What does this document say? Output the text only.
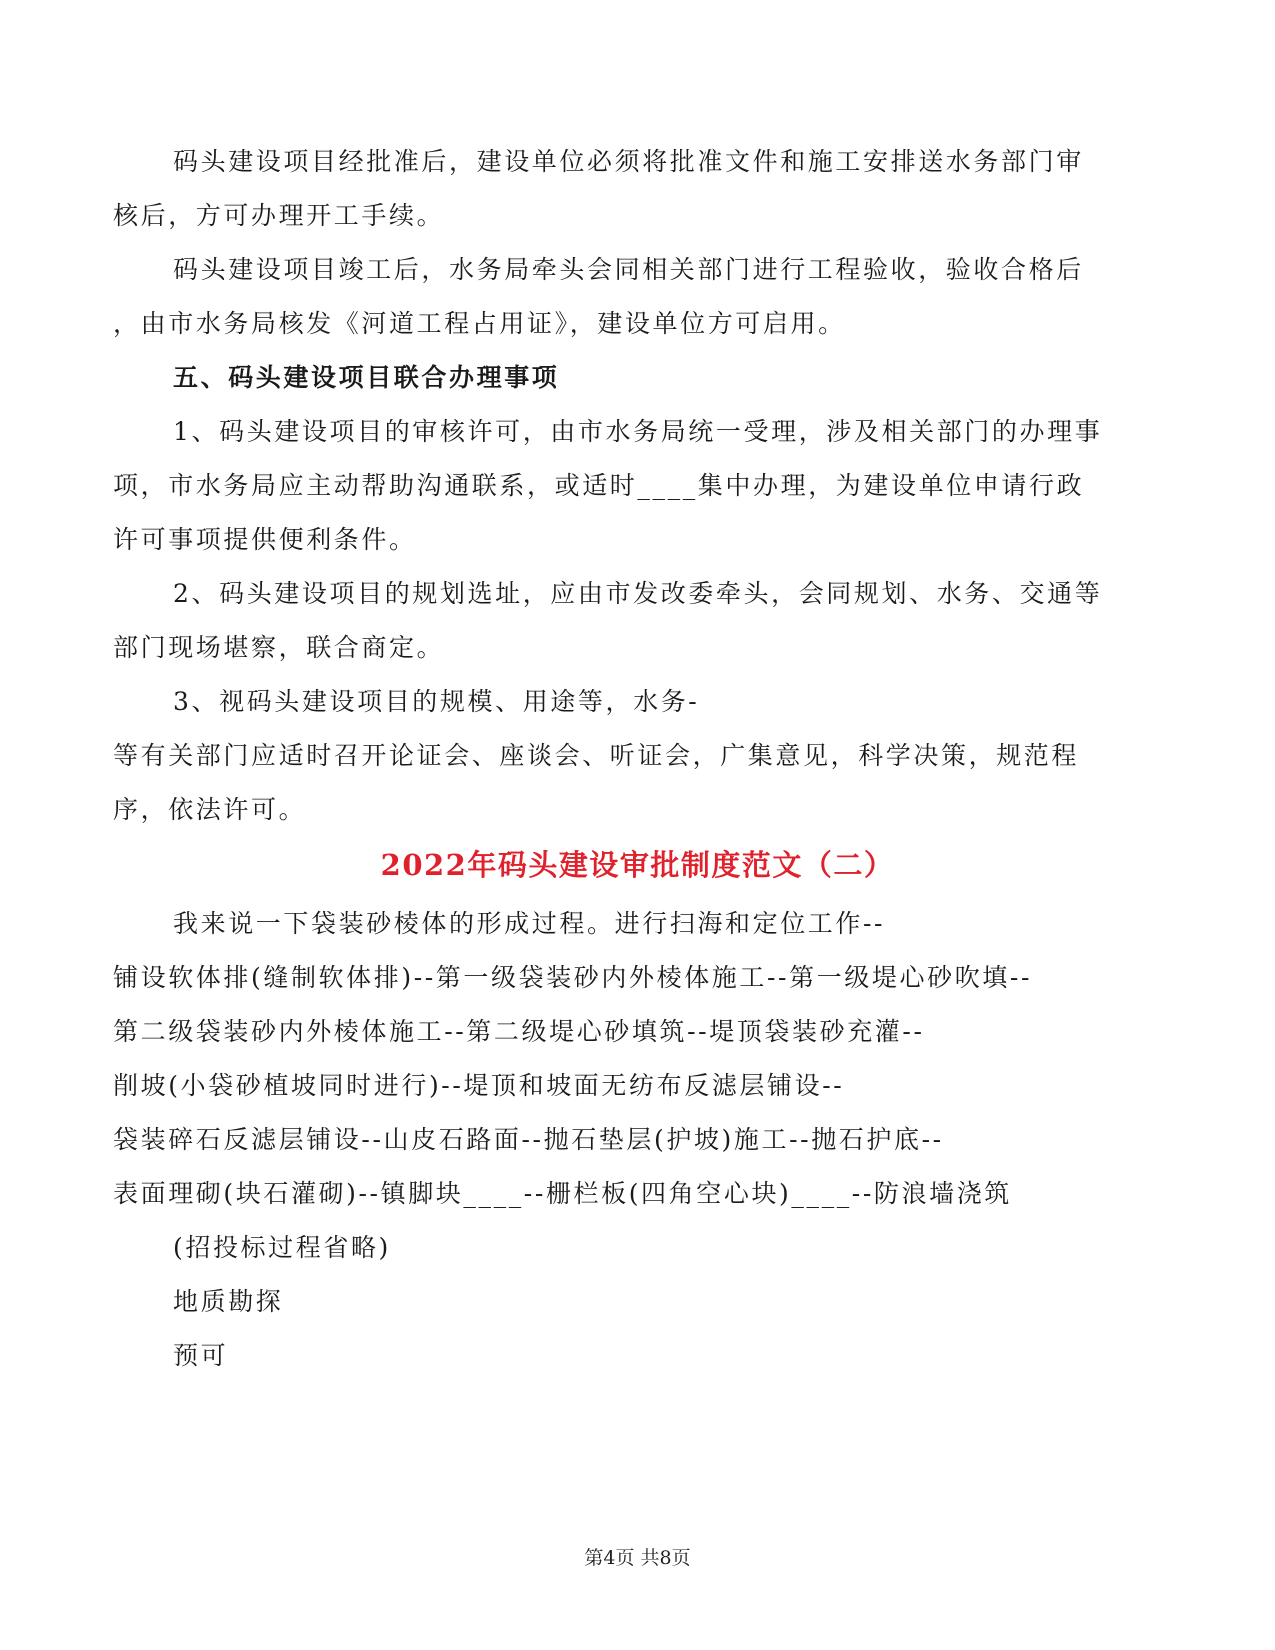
码头建设项目经批准后，建设单位必须将批准文件和施工安排送水务部门审
核后，方可办理开工手续。
码头建设项目竣工后，水务局牵头会同相关部门进行工程验收，验收合格后
，由市水务局核发《河道工程占用证》，建设单位方可启用。
五、码头建设项目联合办理事项
1、码头建设项目的审核许可，由市水务局统一受理，涉及相关部门的办理事
项，市水务局应主动帮助沟通联系，或适时____集中办理，为建设单位申请行政
许可事项提供便利条件。
2、码头建设项目的规划选址，应由市发改委牵头，会同规划、水务、交通等
部门现场堪察，联合商定。
3、视码头建设项目的规模、用途等，水务-
等有关部门应适时召开论证会、座谈会、听证会，广集意见，科学决策，规范程
序，依法许可。
2022年码头建设审批制度范文（二）
我来说一下袋装砂棱体的形成过程。进行扫海和定位工作--
铺设软体排(缝制软体排)--第一级袋装砂内外棱体施工--第一级堤心砂吹填--
第二级袋装砂内外棱体施工--第二级堤心砂填筑--堤顶袋装砂充灌--
削坡(小袋砂植坡同时进行)--堤顶和坡面无纺布反滤层铺设--
袋装碎石反滤层铺设--山皮石路面--抛石垫层(护坡)施工--抛石护底--
表面理砌(块石灌砌)--镇脚块____--栅栏板(四角空心块)____--防浪墙浇筑
(招投标过程省略)
地质勘探
预可
第4页 共8页
